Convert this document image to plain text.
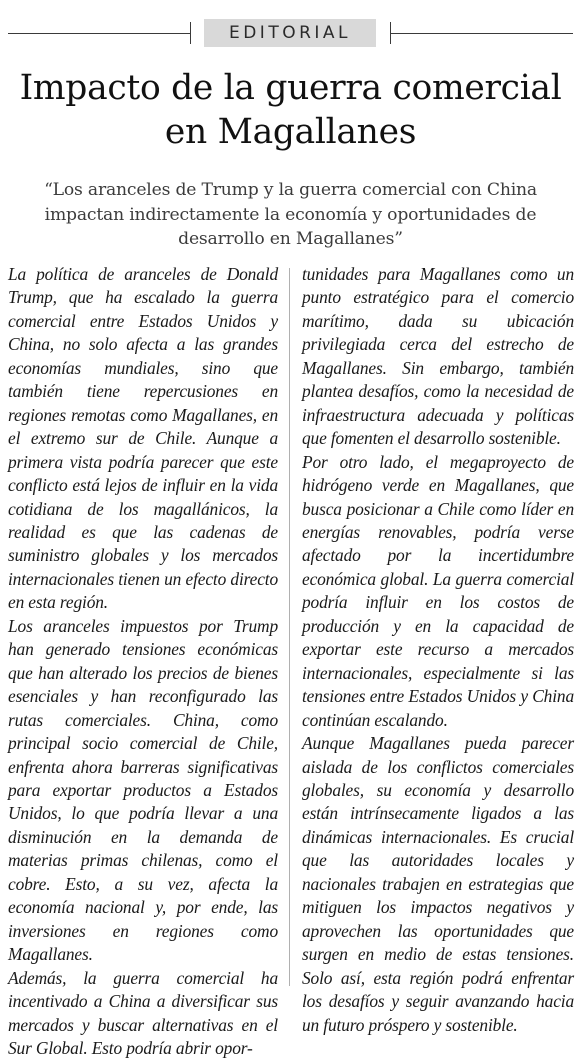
EDITORIAL
Impacto de la guerra comercial en Magallanes

“Los aranceles de Trump y la guerra comercial con China impactan indirectamente la economía y oportunidades de desarrollo en Magallanes”

La política de aranceles de Donald Trump, que ha escalado la guerra comercial entre Estados Unidos y China, no solo afecta a las grandes economías mundiales, sino que también tiene repercusiones en regiones remotas como Magallanes, en el extremo sur de Chile. Aunque a primera vista podría parecer que este conflicto está lejos de influir en la vida cotidiana de los magallánicos, la realidad es que las cadenas de suministro globales y los mercados internacionales tienen un efecto directo en esta región.

Los aranceles impuestos por Trump han generado tensiones económicas que han alterado los precios de bienes esenciales y han reconfigurado las rutas comerciales. China, como principal socio comercial de Chile, enfrenta ahora barreras significativas para exportar productos a Estados Unidos, lo que podría llevar a una disminución en la demanda de materias primas chilenas, como el cobre. Esto, a su vez, afecta la economía nacional y, por ende, las inversiones en regiones como Magallanes.

Además, la guerra comercial ha incentivado a China a diversificar sus mercados y buscar alternativas en el Sur Global. Esto podría abrir opor-

tunidades para Magallanes como un punto estratégico para el comercio marítimo, dada su ubicación privilegiada cerca del estrecho de Magallanes. Sin embargo, también plantea desafíos, como la necesidad de infraestructura adecuada y políticas que fomenten el desarrollo sostenible.

Por otro lado, el megaproyecto de hidrógeno verde en Magallanes, que busca posicionar a Chile como líder en energías renovables, podría verse afectado por la incertidumbre económica global. La guerra comercial podría influir en los costos de producción y en la capacidad de exportar este recurso a mercados internacionales, especialmente si las tensiones entre Estados Unidos y China continúan escalando.

Aunque Magallanes pueda parecer aislada de los conflictos comerciales globales, su economía y desarrollo están intrínsecamente ligados a las dinámicas internacionales. Es crucial que las autoridades locales y nacionales trabajen en estrategias que mitiguen los impactos negativos y aprovechen las oportunidades que surgen en medio de estas tensiones. Solo así, esta región podrá enfrentar los desafíos y seguir avanzando hacia un futuro próspero y sostenible.
